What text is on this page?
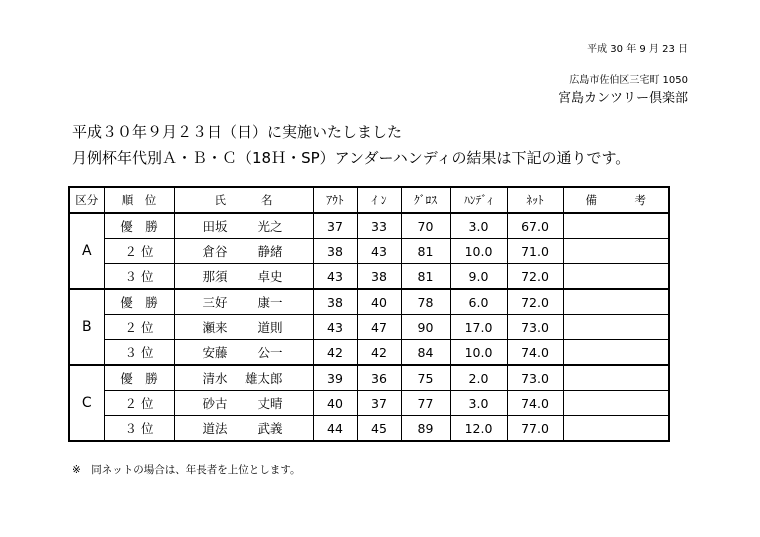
平成 30 年 9 月 23 日
広島市佐伯区三宅町 1050
宮島カンツリー倶楽部
平成３０年９月２３日（日）に実施いたしました
月例杯年代別Ａ・Ｂ・Ｃ（18Ｈ・SP）アンダーハンディの結果は下記の通りです。
区分	順　位	氏 名	ｱｳﾄ	ｲ ﾝ	ｸﾞﾛｽ	ﾊﾝﾃﾞｨ	ﾈｯﾄ	備 考

A	優　勝	田坂 光之	37	33	70	3.0	67.0	
	２ 位	倉谷 静緒	38	43	81	10.0	71.0	
	３ 位	那須 卓史	43	38	81	9.0	72.0	
B	優　勝	三好 康一	38	40	78	6.0	72.0	
	２ 位	瀬来 道則	43	47	90	17.0	73.0	
	３ 位	安藤 公一	42	42	84	10.0	74.0	
C	優　勝	清水 雄太郎	39	36	75	2.0	73.0	
	２ 位	砂古 丈晴	40	37	77	3.0	74.0	
	３ 位	道法 武義	44	45	89	12.0	77.0	
※　同ネットの場合は、年長者を上位とします。
